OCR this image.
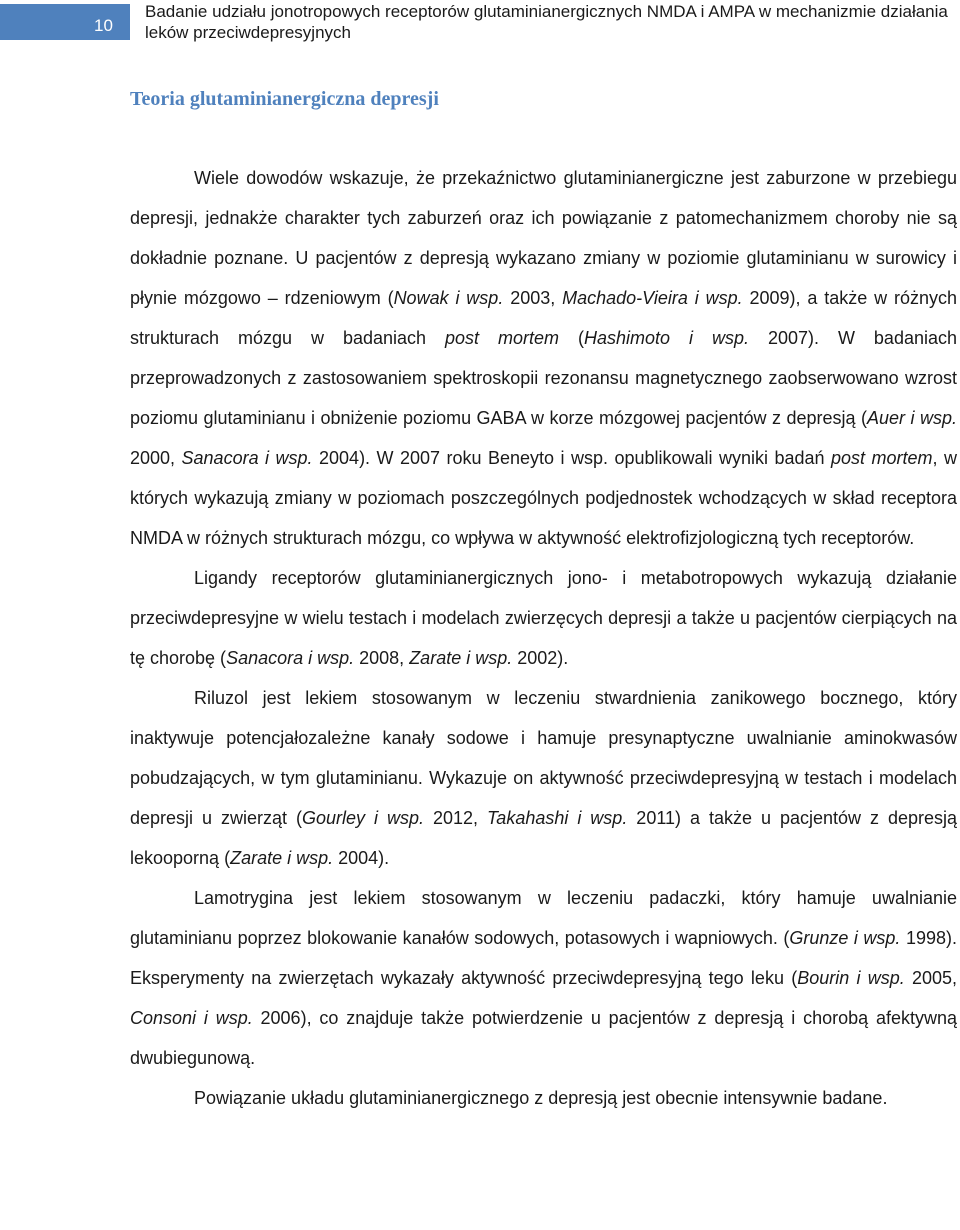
10
Badanie udziału jonotropowych receptorów glutaminianergicznych NMDA i AMPA w mechanizmie działania leków przeciwdepresyjnych
Teoria glutaminianergiczna depresji

Wiele dowodów wskazuje, że przekaźnictwo glutaminianergiczne jest zaburzone w przebiegu depresji, jednakże charakter tych zaburzeń oraz ich powiązanie z patomechanizmem choroby nie są dokładnie poznane. U pacjentów z depresją wykazano zmiany w poziomie glutaminianu w surowicy i płynie mózgowo – rdzeniowym (Nowak i wsp. 2003, Machado-Vieira i wsp. 2009), a także w różnych strukturach mózgu w badaniach post mortem (Hashimoto i wsp. 2007). W badaniach przeprowadzonych z zastosowaniem spektroskopii rezonansu magnetycznego zaobserwowano wzrost poziomu glutaminianu i obniżenie poziomu GABA w korze mózgowej pacjentów z depresją (Auer i wsp. 2000, Sanacora i wsp. 2004). W 2007 roku Beneyto i wsp. opublikowali wyniki badań post mortem, w których wykazują zmiany w poziomach poszczególnych podjednostek wchodzących w skład receptora NMDA w różnych strukturach mózgu, co wpływa w aktywność elektrofizjologiczną tych receptorów.

Ligandy receptorów glutaminianergicznych jono- i metabotropowych wykazują działanie przeciwdepresyjne w wielu testach i modelach zwierzęcych depresji a także u pacjentów cierpiących na tę chorobę (Sanacora i wsp. 2008, Zarate i wsp. 2002).

Riluzol jest lekiem stosowanym w leczeniu stwardnienia zanikowego bocznego, który inaktywuje potencjałozależne kanały sodowe i hamuje presynaptyczne uwalnianie aminokwasów pobudzających, w tym glutaminianu. Wykazuje on aktywność przeciwdepresyjną w testach i modelach depresji u zwierząt (Gourley i wsp. 2012, Takahashi i wsp. 2011) a także u pacjentów z depresją lekooporną (Zarate i wsp. 2004).

Lamotrygina jest lekiem stosowanym w leczeniu padaczki, który hamuje uwalnianie glutaminianu poprzez blokowanie kanałów sodowych, potasowych i wapniowych. (Grunze i wsp. 1998). Eksperymenty na zwierzętach wykazały aktywność przeciwdepresyjną tego leku (Bourin i wsp. 2005, Consoni i wsp. 2006), co znajduje także potwierdzenie u pacjentów z depresją i chorobą afektywną dwubiegunową.

Powiązanie układu glutaminianergicznego z depresją jest obecnie intensywnie badane.
